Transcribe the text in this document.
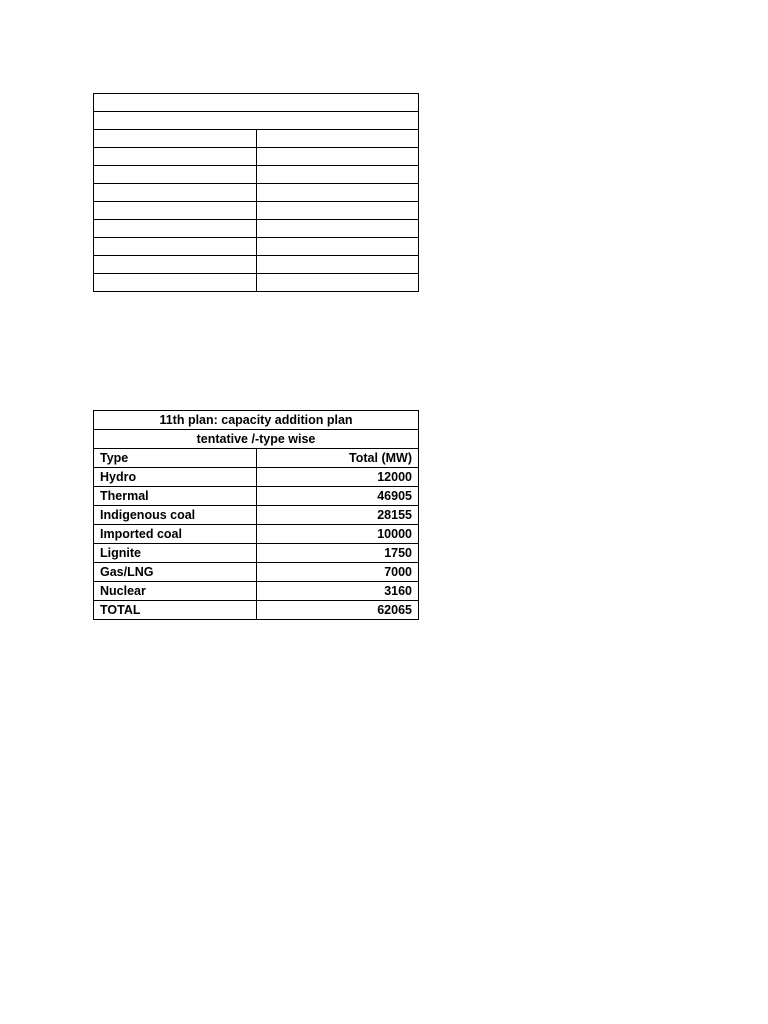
11th plan: capacity addition plan	
tentative /-type wise	
Type	Total (MW)
Hydro	12000
Thermal	46905
Indigenous coal	28155
Imported coal	10000
Lignite	1750
Gas/LNG	7000
Nuclear	3160
TOTAL	62065
